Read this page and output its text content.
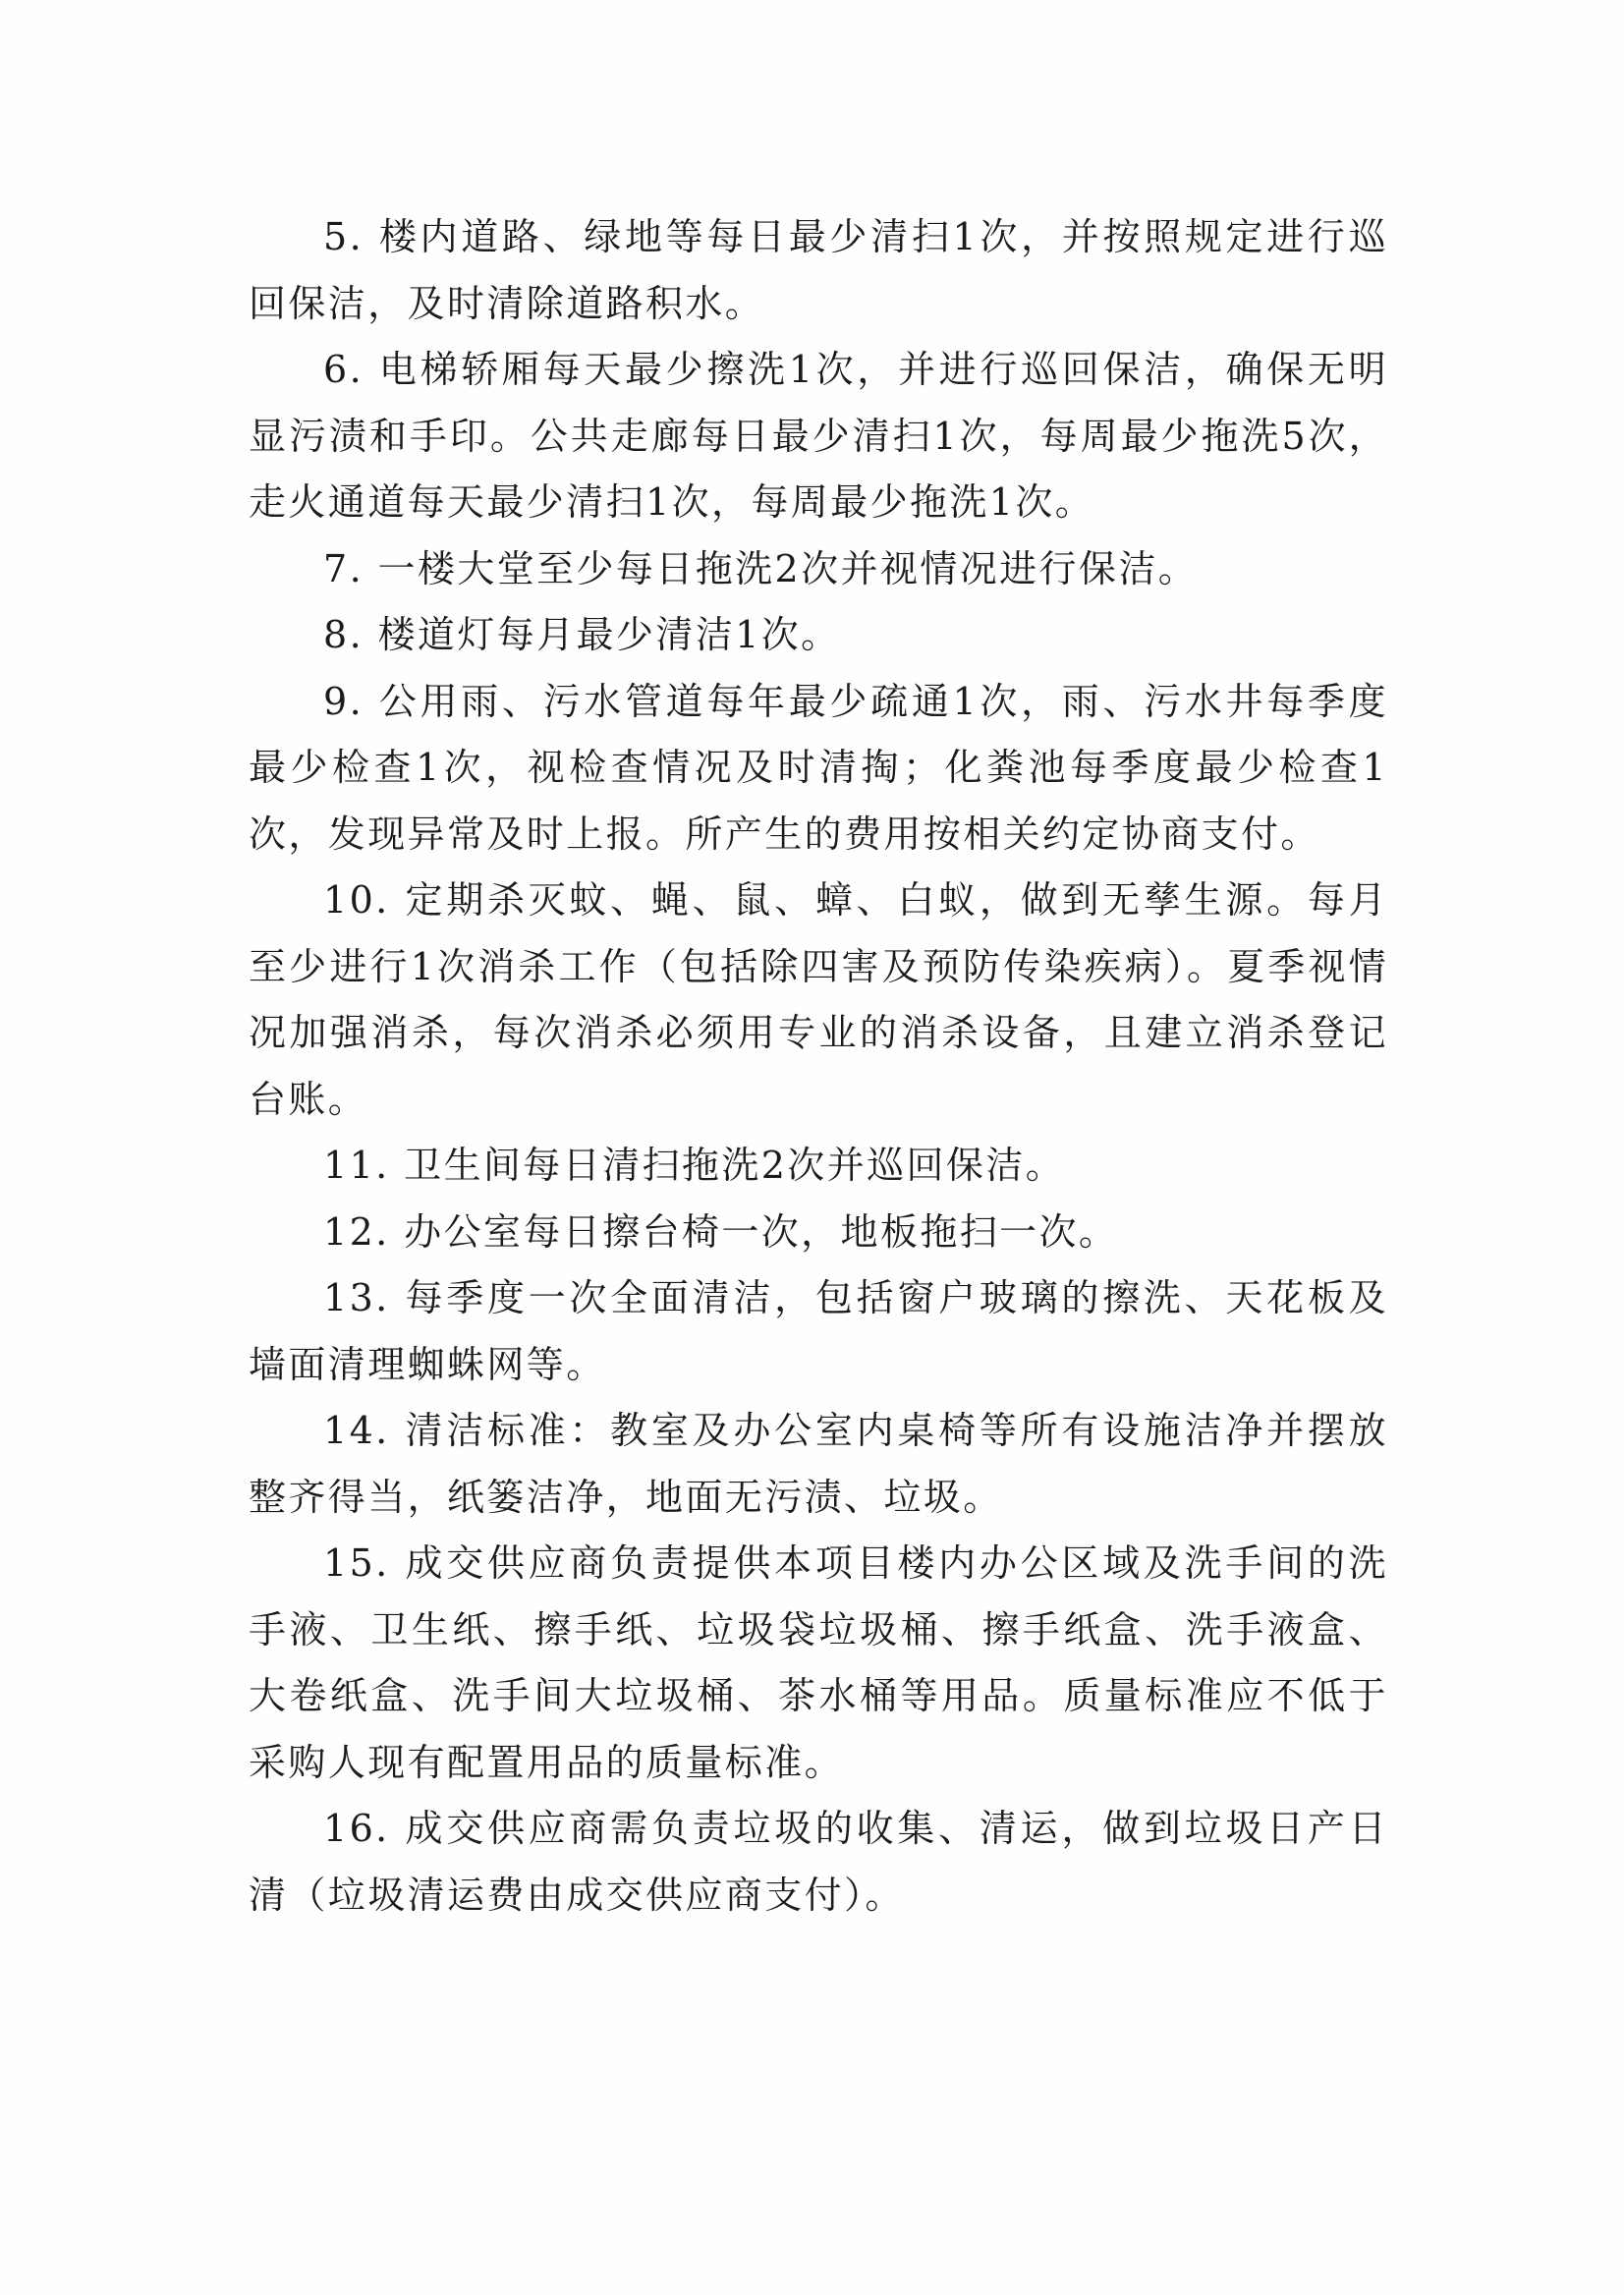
5. 楼内道路、绿地等每日最少清扫1次，并按照规定进行巡回保洁，及时清除道路积水。

6. 电梯轿厢每天最少擦洗1次，并进行巡回保洁，确保无明显污渍和手印。公共走廊每日最少清扫1次，每周最少拖洗5次，走火通道每天最少清扫1次，每周最少拖洗1次。

7. 一楼大堂至少每日拖洗2次并视情况进行保洁。

8. 楼道灯每月最少清洁1次。

9. 公用雨、污水管道每年最少疏通1次，雨、污水井每季度最少检查1次，视检查情况及时清掏；化粪池每季度最少检查1次，发现异常及时上报。所产生的费用按相关约定协商支付。

10. 定期杀灭蚊、蝇、鼠、蟑、白蚁，做到无孳生源。每月至少进行1次消杀工作（包括除四害及预防传染疾病）。夏季视情况加强消杀，每次消杀必须用专业的消杀设备，且建立消杀登记台账。

11. 卫生间每日清扫拖洗2次并巡回保洁。

12. 办公室每日擦台椅一次，地板拖扫一次。

13. 每季度一次全面清洁，包括窗户玻璃的擦洗、天花板及墙面清理蜘蛛网等。

14. 清洁标准：教室及办公室内桌椅等所有设施洁净并摆放整齐得当，纸篓洁净，地面无污渍、垃圾。

15. 成交供应商负责提供本项目楼内办公区域及洗手间的洗手液、卫生纸、擦手纸、垃圾袋垃圾桶、擦手纸盒、洗手液盒、大卷纸盒、洗手间大垃圾桶、茶水桶等用品。质量标准应不低于采购人现有配置用品的质量标准。

16. 成交供应商需负责垃圾的收集、清运，做到垃圾日产日清（垃圾清运费由成交供应商支付）。
